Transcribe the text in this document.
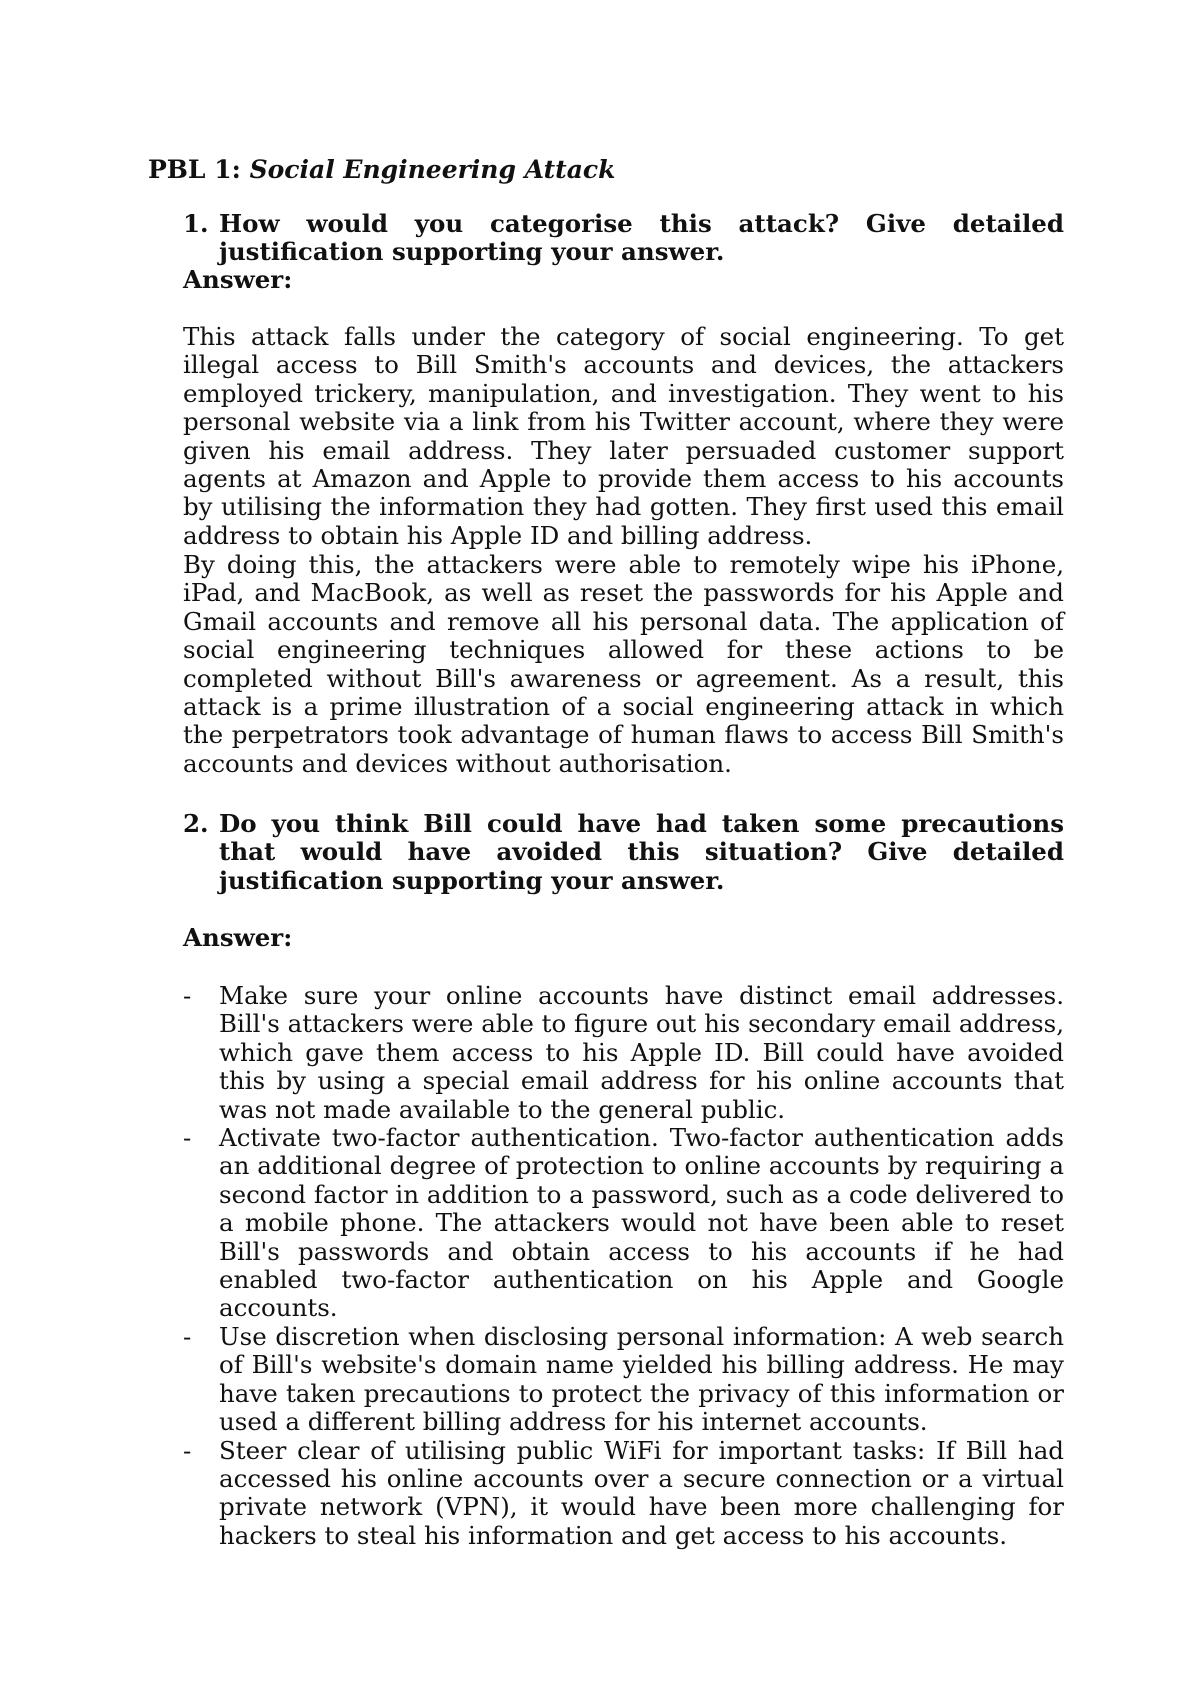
PBL 1: Social Engineering Attack
1. How would you categorise this attack? Give detailed justification supporting your answer.
Answer:
This attack falls under the category of social engineering. To get illegal access to Bill Smith's accounts and devices, the attackers employed trickery, manipulation, and investigation. They went to his personal website via a link from his Twitter account, where they were given his email address. They later persuaded customer support agents at Amazon and Apple to provide them access to his accounts by utilising the information they had gotten. They first used this email address to obtain his Apple ID and billing address.
By doing this, the attackers were able to remotely wipe his iPhone, iPad, and MacBook, as well as reset the passwords for his Apple and Gmail accounts and remove all his personal data. The application of social engineering techniques allowed for these actions to be completed without Bill's awareness or agreement. As a result, this attack is a prime illustration of a social engineering attack in which the perpetrators took advantage of human flaws to access Bill Smith's accounts and devices without authorisation.
2. Do you think Bill could have had taken some precautions that would have avoided this situation? Give detailed justification supporting your answer.
Answer:
- Make sure your online accounts have distinct email addresses. Bill's attackers were able to figure out his secondary email address, which gave them access to his Apple ID. Bill could have avoided this by using a special email address for his online accounts that was not made available to the general public.
- Activate two-factor authentication. Two-factor authentication adds an additional degree of protection to online accounts by requiring a second factor in addition to a password, such as a code delivered to a mobile phone. The attackers would not have been able to reset Bill's passwords and obtain access to his accounts if he had enabled two-factor authentication on his Apple and Google accounts.
- Use discretion when disclosing personal information: A web search of Bill's website's domain name yielded his billing address. He may have taken precautions to protect the privacy of this information or used a different billing address for his internet accounts.
- Steer clear of utilising public WiFi for important tasks: If Bill had accessed his online accounts over a secure connection or a virtual private network (VPN), it would have been more challenging for hackers to steal his information and get access to his accounts.
